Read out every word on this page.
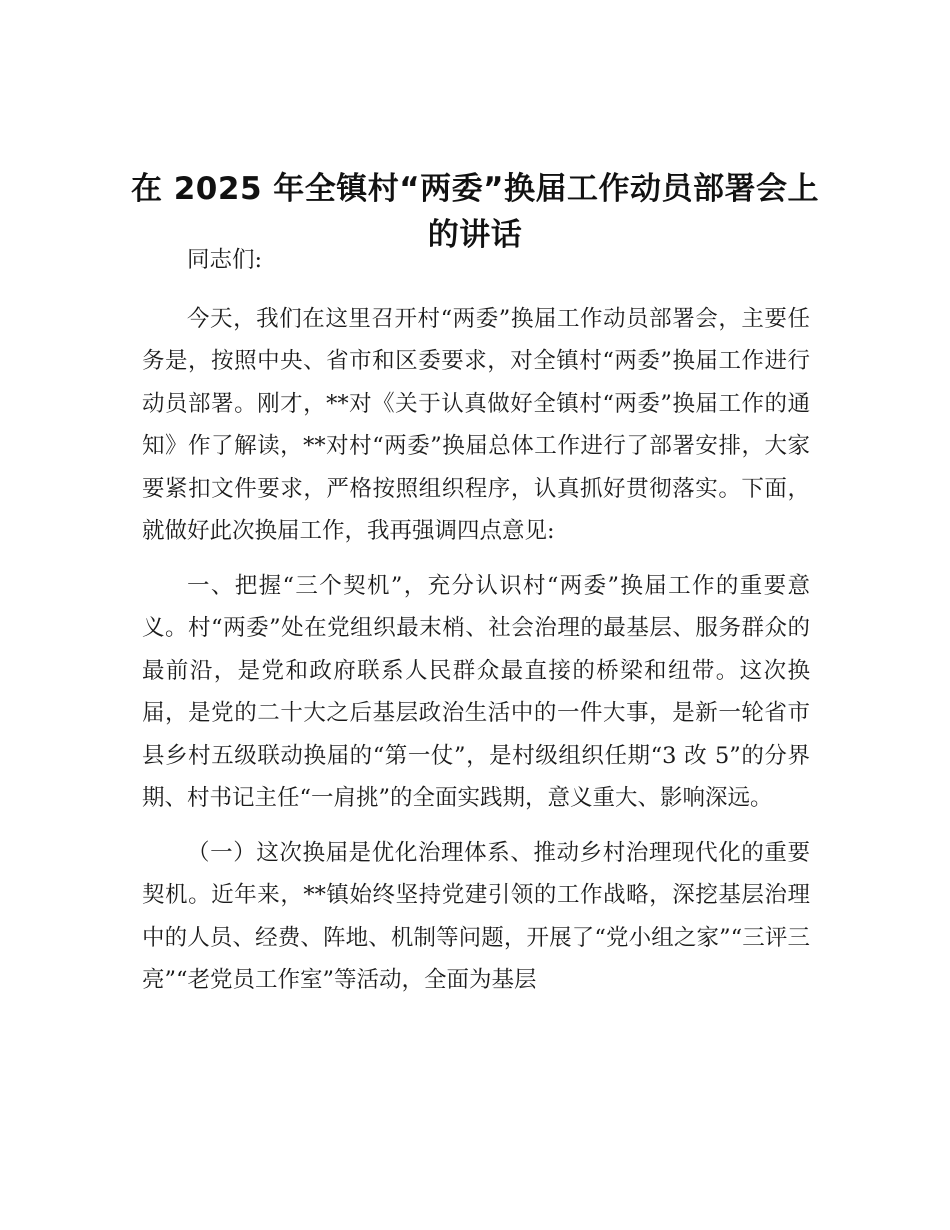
在 2025 年全镇村“两委”换届工作动员部署会上的讲话

同志们:

今天，我们在这里召开村“两委”换届工作动员部署会，主要任务是，按照中央、省市和区委要求，对全镇村“两委”换届工作进行动员部署。刚才，**对《关于认真做好全镇村“两委”换届工作的通知》作了解读，**对村“两委”换届总体工作进行了部署安排，大家要紧扣文件要求，严格按照组织程序，认真抓好贯彻落实。下面，就做好此次换届工作，我再强调四点意见:

一、把握“三个契机”，充分认识村“两委”换届工作的重要意义。村“两委”处在党组织最末梢、社会治理的最基层、服务群众的最前沿，是党和政府联系人民群众最直接的桥梁和纽带。这次换届，是党的二十大之后基层政治生活中的一件大事，是新一轮省市县乡村五级联动换届的“第一仗”，是村级组织任期“3 改 5”的分界期、村书记主任“一肩挑”的全面实践期，意义重大、影响深远。

（一）这次换届是优化治理体系、推动乡村治理现代化的重要契机。近年来，**镇始终坚持党建引领的工作战略，深挖基层治理中的人员、经费、阵地、机制等问题，开展了“党小组之家”“三评三亮”“老党员工作室”等活动，全面为基层
